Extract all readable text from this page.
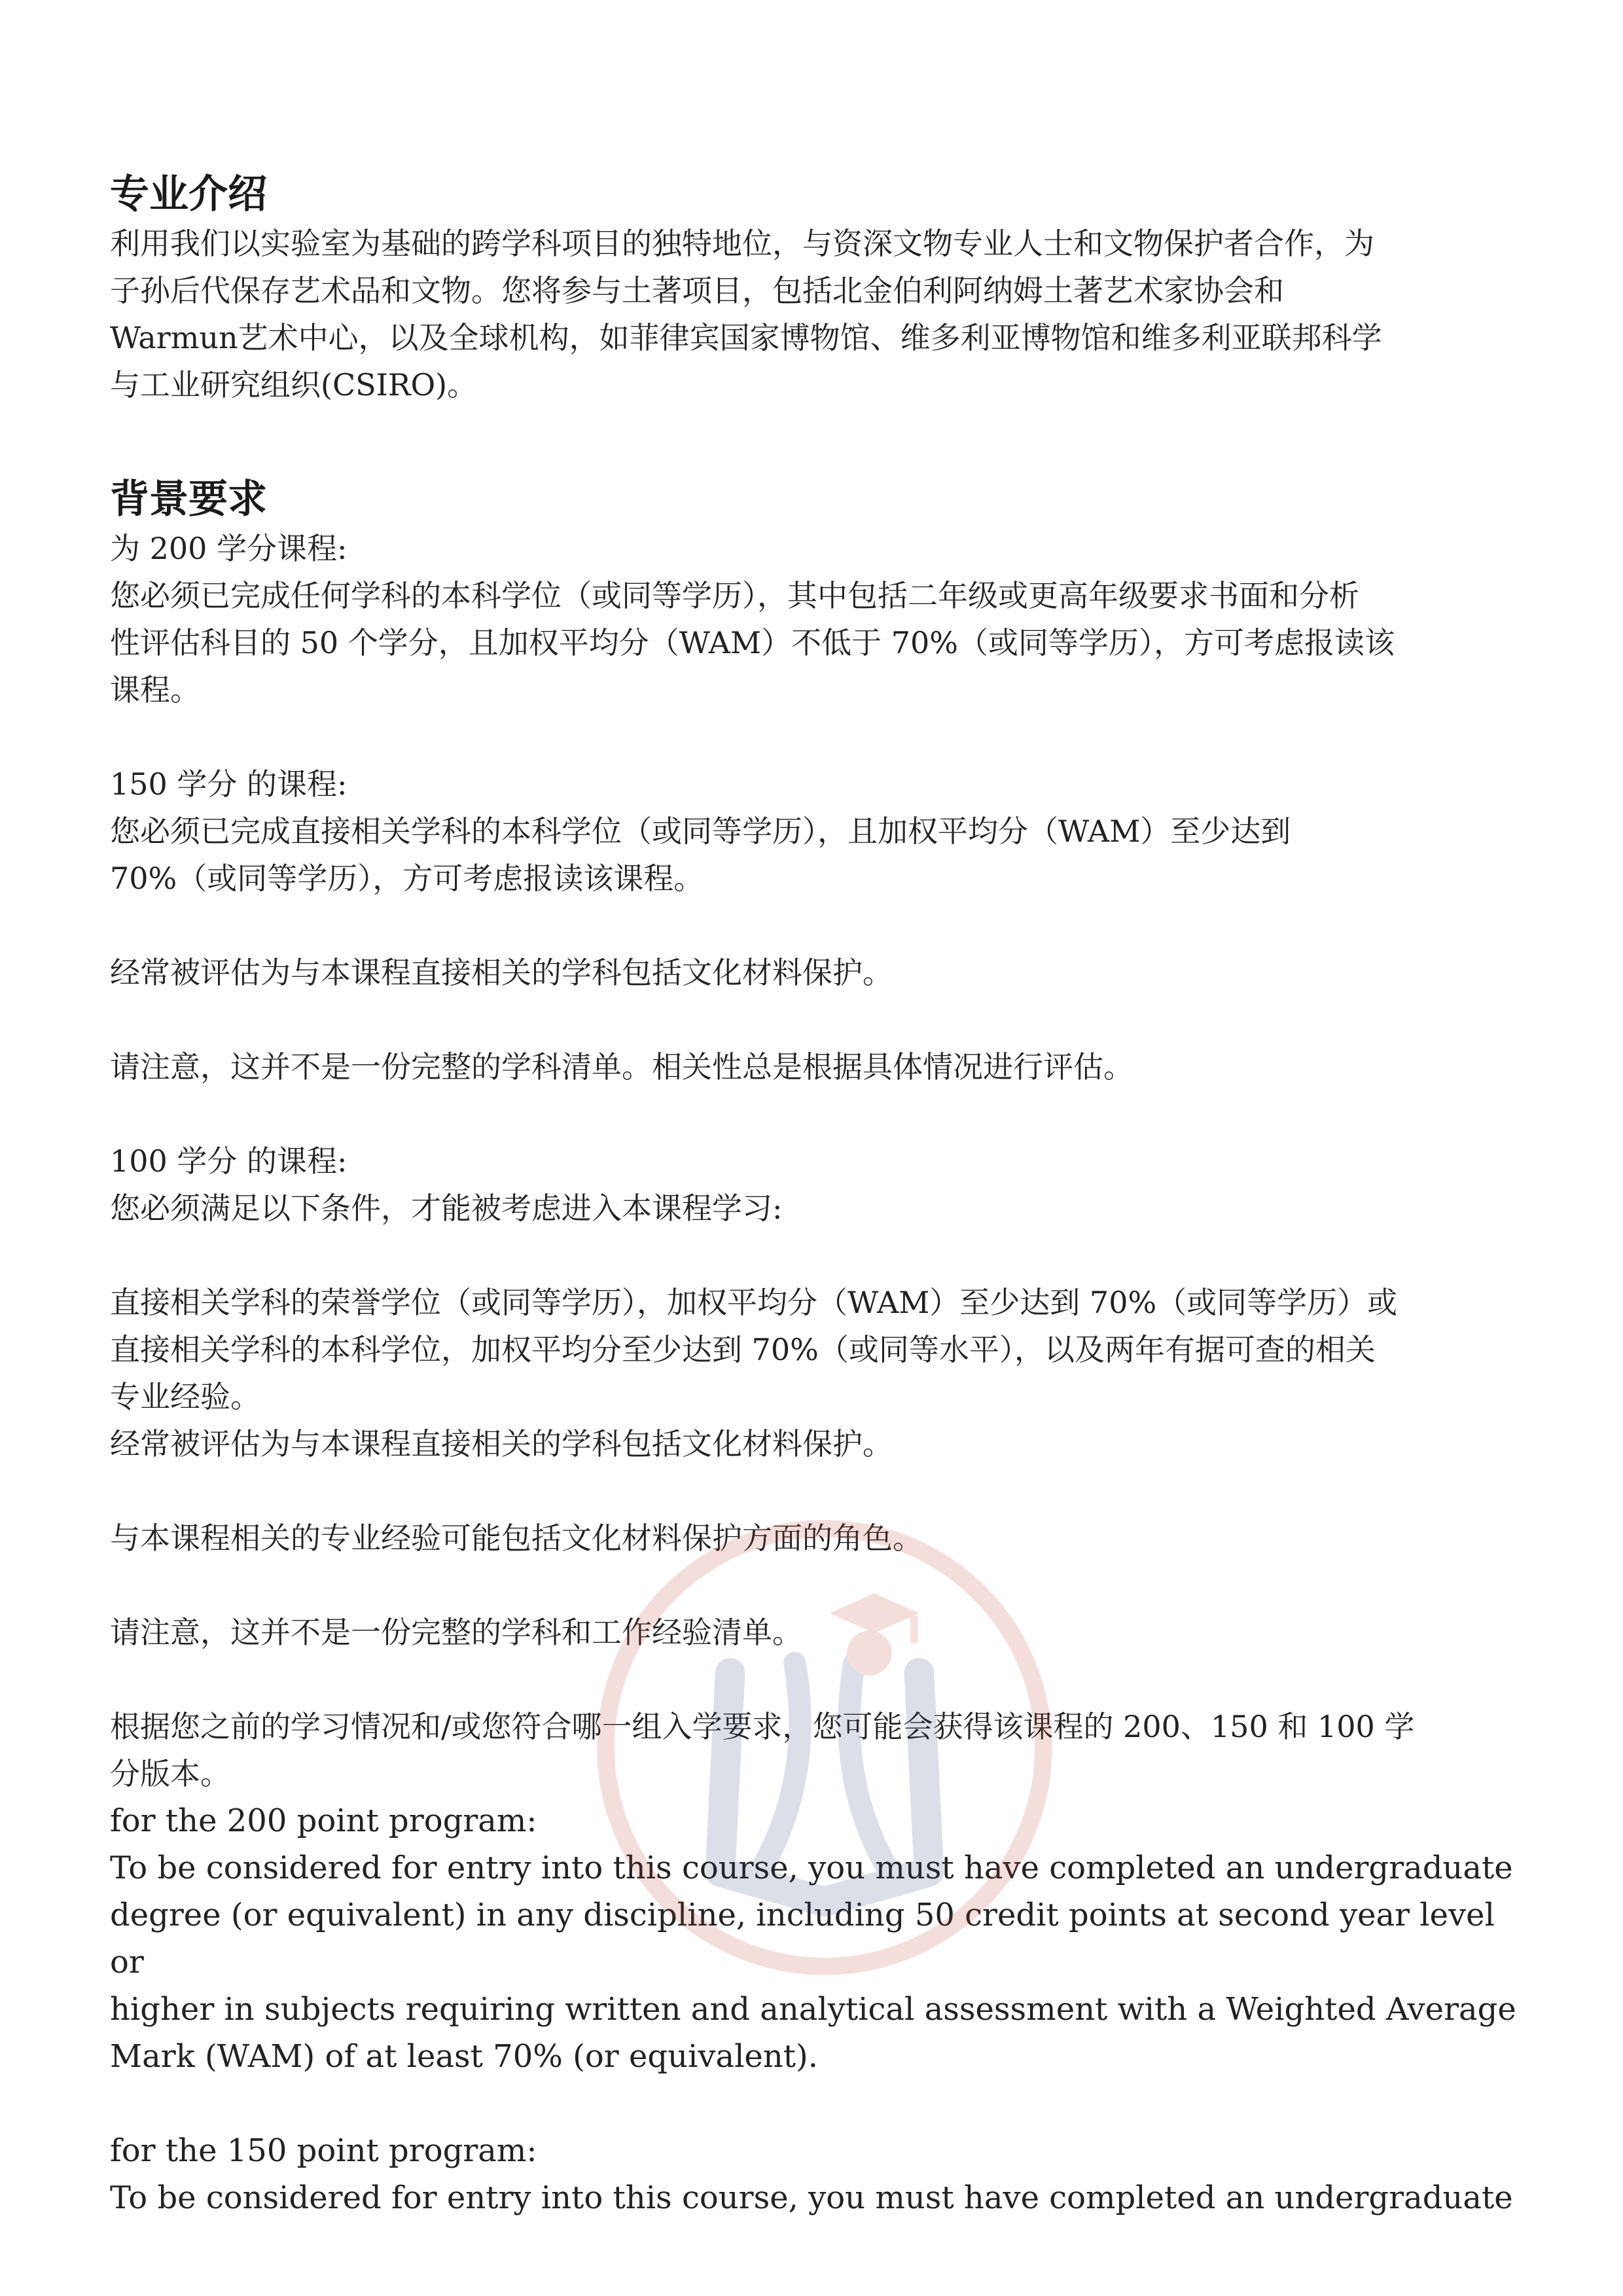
专业介绍

利用我们以实验室为基础的跨学科项目的独特地位，与资深文物专业人士和文物保护者合作，为
子孙后代保存艺术品和文物。您将参与土著项目，包括北金伯利阿纳姆土著艺术家协会和
Warmun艺术中心，以及全球机构，如菲律宾国家博物馆、维多利亚博物馆和维多利亚联邦科学
与工业研究组织(CSIRO)。

背景要求

为 200 学分课程:

您必须已完成任何学科的本科学位（或同等学历），其中包括二年级或更高年级要求书面和分析
性评估科目的 50 个学分，且加权平均分（WAM）不低于 70%（或同等学历），方可考虑报读该
课程。

150 学分 的课程:

您必须已完成直接相关学科的本科学位（或同等学历），且加权平均分（WAM）至少达到
70%（或同等学历），方可考虑报读该课程。

经常被评估为与本课程直接相关的学科包括文化材料保护。

请注意，这并不是一份完整的学科清单。相关性总是根据具体情况进行评估。

100 学分 的课程:

您必须满足以下条件，才能被考虑进入本课程学习:

直接相关学科的荣誉学位（或同等学历），加权平均分（WAM）至少达到 70%（或同等学历）或
直接相关学科的本科学位，加权平均分至少达到 70%（或同等水平），以及两年有据可查的相关
专业经验。

经常被评估为与本课程直接相关的学科包括文化材料保护。

与本课程相关的专业经验可能包括文化材料保护方面的角色。

请注意，这并不是一份完整的学科和工作经验清单。

根据您之前的学习情况和/或您符合哪一组入学要求，您可能会获得该课程的 200、150 和 100 学
分版本。

for the 200 point program:

To be considered for entry into this course, you must have completed an undergraduate
degree (or equivalent) in any discipline, including 50 credit points at second year level or
higher in subjects requiring written and analytical assessment with a Weighted Average
Mark (WAM) of at least 70% (or equivalent).

for the 150 point program:

To be considered for entry into this course, you must have completed an undergraduate
